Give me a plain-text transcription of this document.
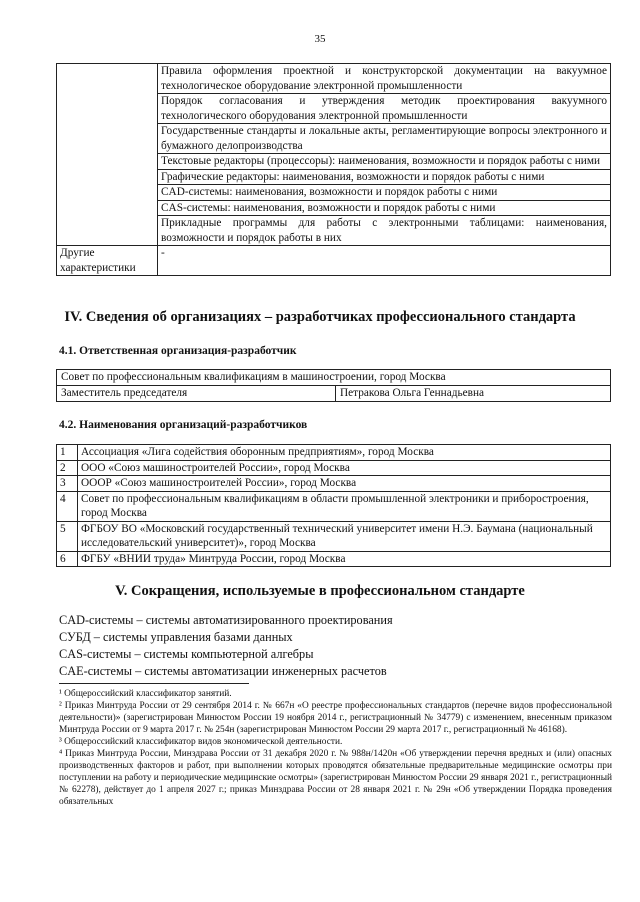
35
	Правила оформления проектной и конструкторской документации на вакуумное технологическое оборудование электронной промышленности
	Порядок согласования и утверждения методик проектирования вакуумного технологического оборудования электронной промышленности
	Государственные стандарты и локальные акты, регламентирующие вопросы электронного и бумажного делопроизводства
	Текстовые редакторы (процессоры): наименования, возможности и порядок работы с ними
	Графические редакторы: наименования, возможности и порядок работы с ними
	CAD-системы: наименования, возможности и порядок работы с ними
	CAS-системы: наименования, возможности и порядок работы с ними
	Прикладные программы для работы с электронными таблицами: наименования, возможности и порядок работы в них
Другие характеристики	-
IV. Сведения об организациях – разработчиках профессионального стандарта
4.1. Ответственная организация-разработчик
Совет по профессиональным квалификациям в машиностроении, город Москва
Заместитель председателя	Петракова Ольга Геннадьевна
4.2. Наименования организаций-разработчиков
1	Ассоциация «Лига содействия оборонным предприятиям», город Москва
2	ООО «Союз машиностроителей России», город Москва
3	ОООР «Союз машиностроителей России», город Москва
4	Совет по профессиональным квалификациям в области промышленной электроники и приборостроения, город Москва
5	ФГБОУ ВО «Московский государственный технический университет имени Н.Э. Баумана (национальный исследовательский университет)», город Москва
6	ФГБУ «ВНИИ труда» Минтруда России, город Москва
V. Сокращения, используемые в профессиональном стандарте
CAD-системы – системы автоматизированного проектирования
СУБД – системы управления базами данных
CAS-системы – системы компьютерной алгебры
CAE-системы – системы автоматизации инженерных расчетов

¹ Общероссийский классификатор занятий.

² Приказ Минтруда России от 29 сентября 2014 г. № 667н «О реестре профессиональных стандартов (перечне видов профессиональной деятельности)» (зарегистрирован Минюстом России 19 ноября 2014 г., регистрационный № 34779) с изменением, внесенным приказом Минтруда России от 9 марта 2017 г. № 254н (зарегистрирован Минюстом России 29 марта 2017 г., регистрационный № 46168).

³ Общероссийский классификатор видов экономической деятельности.

⁴ Приказ Минтруда России, Минздрава России от 31 декабря 2020 г. № 988н/1420н «Об утверждении перечня вредных и (или) опасных производственных факторов и работ, при выполнении которых проводятся обязательные предварительные медицинские осмотры при поступлении на работу и периодические медицинские осмотры» (зарегистрирован Минюстом России 29 января 2021 г., регистрационный № 62278), действует до 1 апреля 2027 г.; приказ Минздрава России от 28 января 2021 г. № 29н «Об утверждении Порядка проведения обязательных
